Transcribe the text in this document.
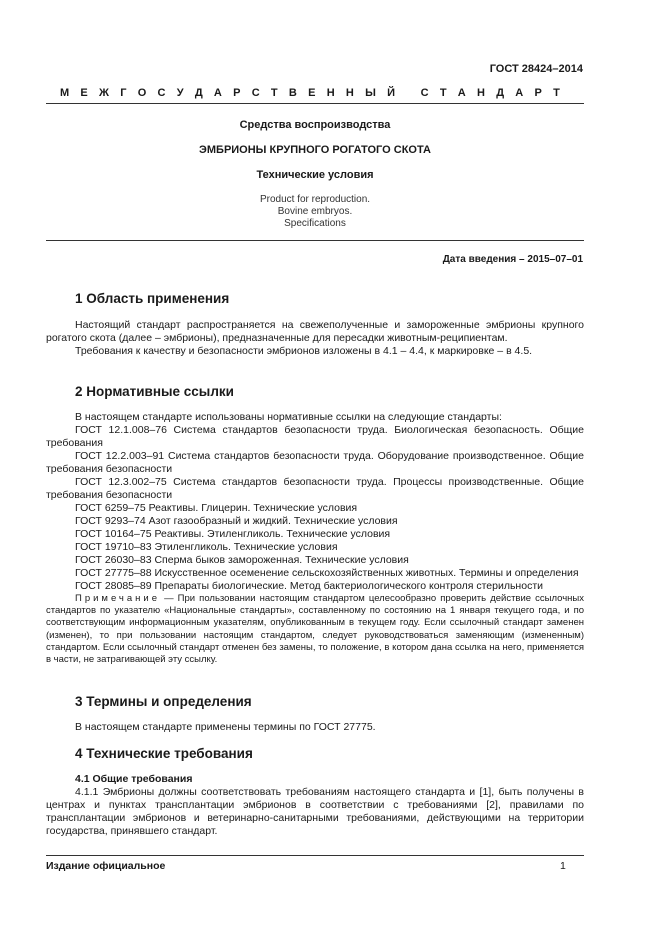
ГОСТ 28424–2014
М Е Ж Г О С У Д А Р С Т В Е Н Н Ы Й
С Т А Н Д А Р Т
Средства воспроизводства
ЭМБРИОНЫ КРУПНОГО РОГАТОГО СКОТА
Технические условия
Product for reproduction.
Bovine embryos.
Specifications
Дата введения – 2015–07–01
1 Область применения

Настоящий стандарт распространяется на свежеполученные и замороженные эмбрионы крупного рогатого скота (далее – эмбрионы), предназначенные для пересадки животным-реципиентам.

Требования к качеству и безопасности эмбрионов изложены в 4.1 – 4.4, к маркировке – в 4.5.

2 Нормативные ссылки

В настоящем стандарте использованы нормативные ссылки на следующие стандарты:

ГОСТ 12.1.008–76 Система стандартов безопасности труда. Биологическая безопасность. Общие требования

ГОСТ 12.2.003–91 Система стандартов безопасности труда. Оборудование производственное. Общие требования безопасности

ГОСТ 12.3.002–75 Система стандартов безопасности труда. Процессы производственные. Общие требования безопасности

ГОСТ 6259–75 Реактивы. Глицерин. Технические условия

ГОСТ 9293–74 Азот газообразный и жидкий. Технические условия

ГОСТ 10164–75 Реактивы. Этиленгликоль. Технические условия

ГОСТ 19710–83 Этиленгликоль. Технические условия

ГОСТ 26030–83 Сперма быков замороженная. Технические условия

ГОСТ 27775–88 Искусственное осеменение сельскохозяйственных животных. Термины и определения

ГОСТ 28085–89 Препараты биологические. Метод бактериологического контроля стерильности

Примечание — При пользовании настоящим стандартом целесообразно проверить действие ссылочных стандартов по указателю «Национальные стандарты», составленному по состоянию на 1 января текущего года, и по соответствующим информационным указателям, опубликованным в текущем году. Если ссылочный стандарт заменен (изменен), то при пользовании настоящим стандартом, следует руководствоваться заменяющим (измененным) стандартом. Если ссылочный стандарт отменен без замены, то положение, в котором дана ссылка на него, применяется в части, не затрагивающей эту ссылку.

3 Термины и определения

В настоящем стандарте применены термины по ГОСТ 27775.

4 Технические требования

4.1 Общие требования

4.1.1 Эмбрионы должны соответствовать требованиям настоящего стандарта и [1], быть получены в центрах и пунктах трансплантации эмбрионов в соответствии с требованиями [2], правилами по трансплантации эмбрионов и ветеринарно-санитарными требованиями, действующими на территории государства, принявшего стандарт.

Издание официальное	1
